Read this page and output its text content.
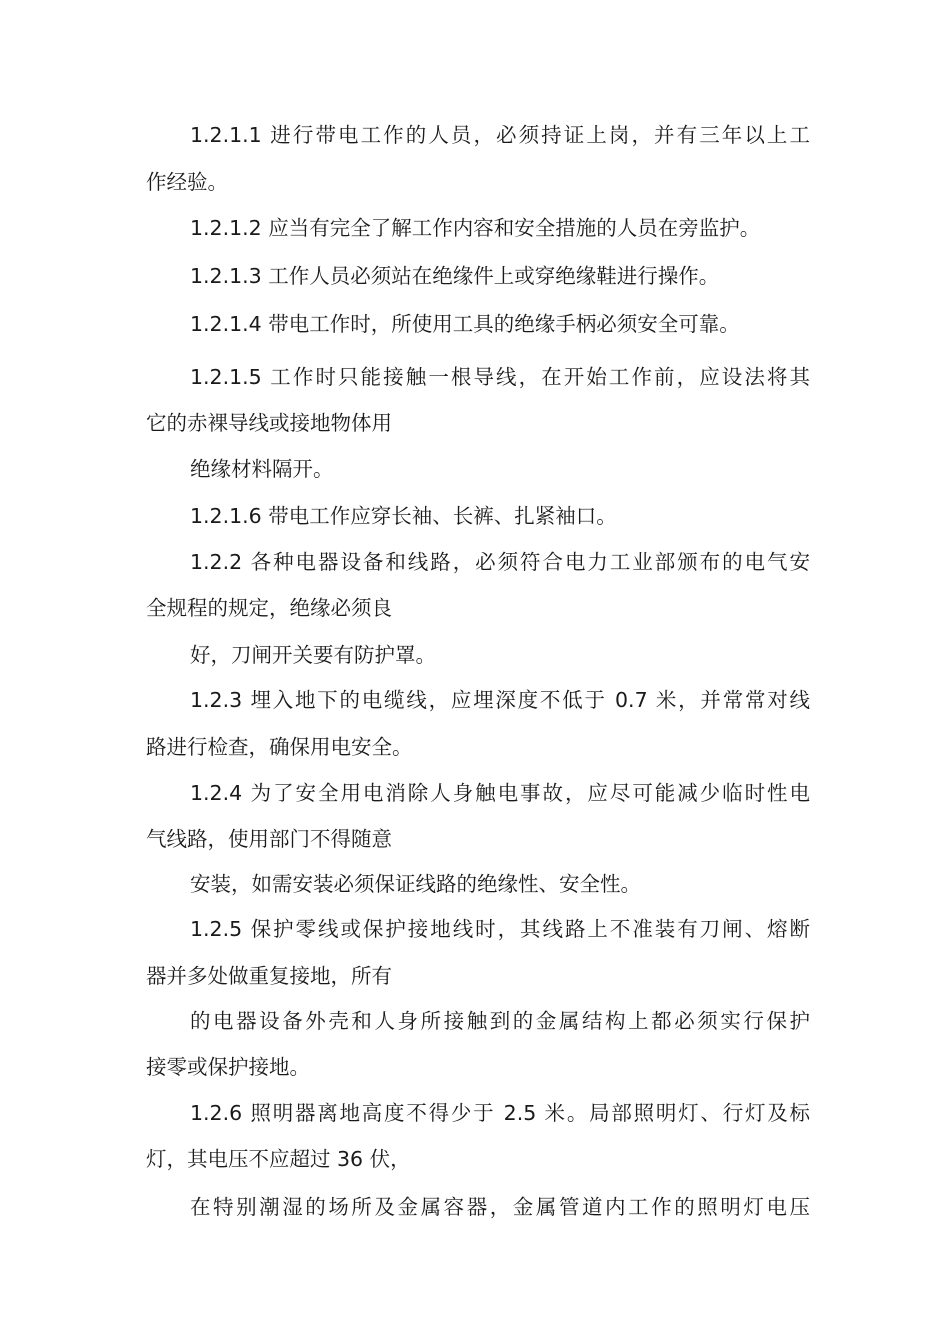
1.2.1.1 进行带电工作的人员，必须持证上岗，并有三年以上工

作经验。

1.2.1.2 应当有完全了解工作内容和安全措施的人员在旁监护。

1.2.1.3 工作人员必须站在绝缘件上或穿绝缘鞋进行操作。

1.2.1.4 带电工作时，所使用工具的绝缘手柄必须安全可靠。

1.2.1.5 工作时只能接触一根导线，在开始工作前，应设法将其

它的赤裸导线或接地物体用

绝缘材料隔开。

1.2.1.6 带电工作应穿长袖、长裤、扎紧袖口。

1.2.2 各种电器设备和线路，必须符合电力工业部颁布的电气安

全规程的规定，绝缘必须良

好，刀闸开关要有防护罩。

1.2.3 埋入地下的电缆线，应埋深度不低于 0.7 米，并常常对线

路进行检查，确保用电安全。

1.2.4 为了安全用电消除人身触电事故，应尽可能减少临时性电

气线路，使用部门不得随意

安装，如需安装必须保证线路的绝缘性、安全性。

1.2.5 保护零线或保护接地线时，其线路上不准装有刀闸、熔断

器并多处做重复接地，所有

的电器设备外壳和人身所接触到的金属结构上都必须实行保护

接零或保护接地。

1.2.6 照明器离地高度不得少于 2.5 米。局部照明灯、行灯及标

灯，其电压不应超过 36 伏，

在特别潮湿的场所及金属容器，金属管道内工作的照明灯电压
